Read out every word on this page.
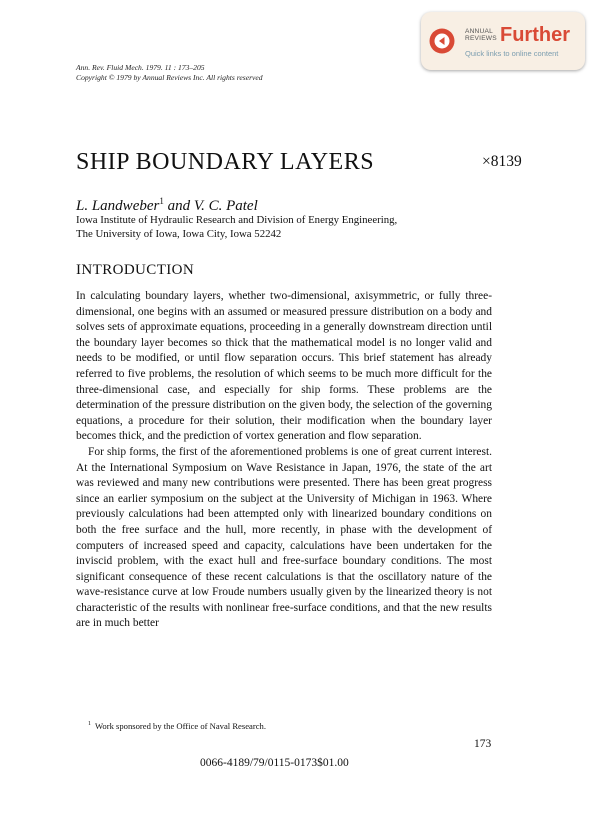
Ann. Rev. Fluid Mech. 1979. 11 : 173–205
Copyright © 1979 by Annual Reviews Inc. All rights reserved
ANNUAL
REVIEWS Further
Quick links to online content
SHIP BOUNDARY LAYERS	×8139
L. Landweber$^1$ and V. C. Patel
Iowa Institute of Hydraulic Research and Division of Energy Engineering,
The University of Iowa, Iowa City, Iowa 52242
INTRODUCTION

In calculating boundary layers, whether two-dimensional, axisymmetric, or fully three-dimensional, one begins with an assumed or measured pressure distribution on a body and solves sets of approximate equations, proceeding in a generally downstream direction until the boundary layer becomes so thick that the mathematical model is no longer valid and needs to be modified, or until flow separation occurs. This brief statement has already referred to five problems, the resolution of which seems to be much more difficult for the three-dimensional case, and especially for ship forms. These problems are the determination of the pressure distribution on the given body, the selection of the governing equations, a procedure for their solution, their modification when the boundary layer becomes thick, and the prediction of vortex generation and flow separation.

For ship forms, the first of the aforementioned problems is one of great current interest. At the International Symposium on Wave Resistance in Japan, 1976, the state of the art was reviewed and many new contributions were presented. There has been great progress since an earlier symposium on the subject at the University of Michigan in 1963. Where previously calculations had been attempted only with linearized boundary conditions on both the free surface and the hull, more recently, in phase with the development of computers of increased speed and capacity, calculations have been undertaken for the inviscid problem, with the exact hull and free-surface boundary conditions. The most significant consequence of these recent calculations is that the oscillatory nature of the wave-resistance curve at low Froude numbers usually given by the linearized theory is not characteristic of the results with nonlinear free-surface conditions, and that the new results are in much better

$^1$ Work sponsored by the Office of Naval Research.
173
0066-4189/79/0115-0173$01.00
